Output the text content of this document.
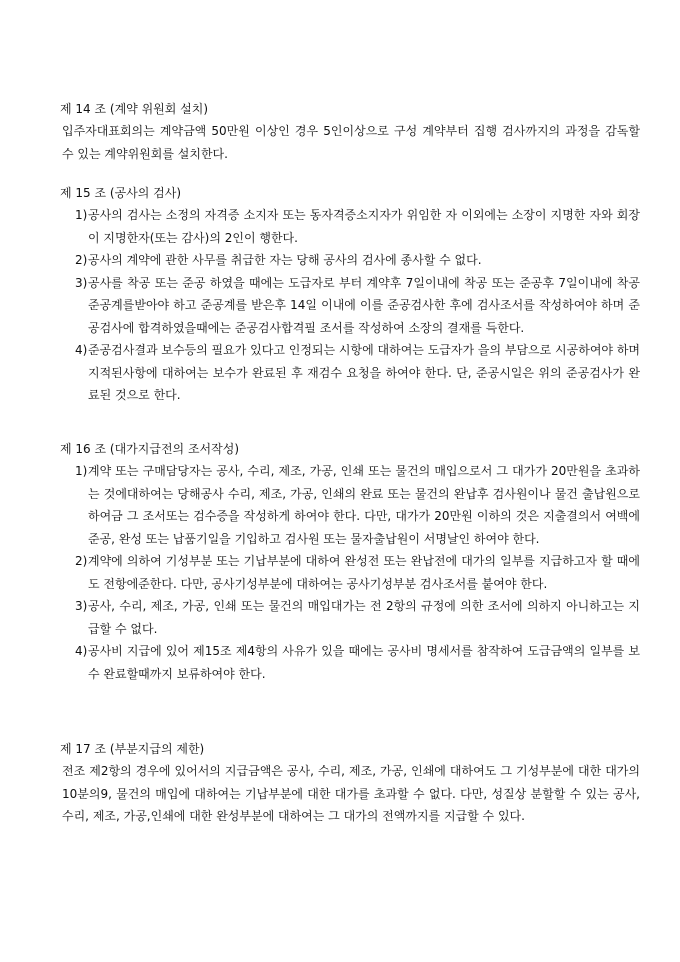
제 14 조 (계약 위원회 설치)
입주자대표회의는 계약금액 50만원 이상인 경우 5인이상으로 구성 계약부터 집행 검사까지의 과정을 감독할 수 있는 계약위원회를 설치한다.
제 15 조 (공사의 검사)
1) 공사의 검사는 소정의 자격증 소지자 또는 동자격증소지자가 위임한 자 이외에는 소장이 지명한 자와 회장이 지명한자(또는 감사)의 2인이 행한다.
2) 공사의 계약에 관한 사무를 취급한 자는 당해 공사의 검사에 종사할 수 없다.
3) 공사를 착공 또는 준공 하였을 때에는 도급자로 부터 계약후 7일이내에 착공 또는 준공후 7일이내에 착공 준공계를받아야 하고 준공계를 받은후 14일 이내에 이를 준공검사한 후에 검사조서를 작성하여야 하며 준공검사에 합격하였을때에는 준공검사합격필 조서를 작성하여 소장의 결재를 득한다.
4) 준공검사결과 보수등의 필요가 있다고 인정되는 시항에 대하여는 도급자가 을의 부담으로 시공하여야 하며 지적된사항에 대하여는 보수가 완료된 후 재검수 요청을 하여야 한다. 단, 준공시일은 위의 준공검사가 완료된 것으로 한다.
제 16 조 (대가지급전의 조서작성)
1) 계약 또는 구매담당자는 공사, 수리, 제조, 가공, 인쇄 또는 물건의 매입으로서 그 대가가 20만원을 초과하는 것에대하여는 당해공사 수리, 제조, 가공, 인쇄의 완료 또는 물건의 완납후 검사원이나 물건 출납원으로 하여금 그 조서또는 검수증을 작성하게 하여야 한다. 다만, 대가가 20만원 이하의 것은 지출결의서 여백에 준공, 완성 또는 납품기일을 기입하고 검사원 또는 물자출납원이 서명날인 하여야 한다.
2) 계약에 의하여 기성부분 또는 기납부분에 대하여 완성전 또는 완납전에 대가의 일부를 지급하고자 할 때에도 전항에준한다. 다만, 공사기성부분에 대하여는 공사기성부분 검사조서를 붙여야 한다.
3) 공사, 수리, 제조, 가공, 인쇄 또는 물건의 매입대가는 전 2항의 규정에 의한 조서에 의하지 아니하고는 지급할 수 없다.
4) 공사비 지급에 있어 제15조 제4항의 사유가 있을 때에는 공사비 명세서를 참작하여 도급금액의 일부를 보수 완료할때까지 보류하여야 한다.
제 17 조 (부분지급의 제한)
전조 제2항의 경우에 있어서의 지급금액은 공사, 수리, 제조, 가공, 인쇄에 대하여도 그 기성부분에 대한 대가의 10분의9, 물건의 매입에 대하여는 기납부분에 대한 대가를 초과할 수 없다. 다만, 성질상 분할할 수 있는 공사, 수리, 제조, 가공,인쇄에 대한 완성부분에 대하여는 그 대가의 전액까지를 지급할 수 있다.
